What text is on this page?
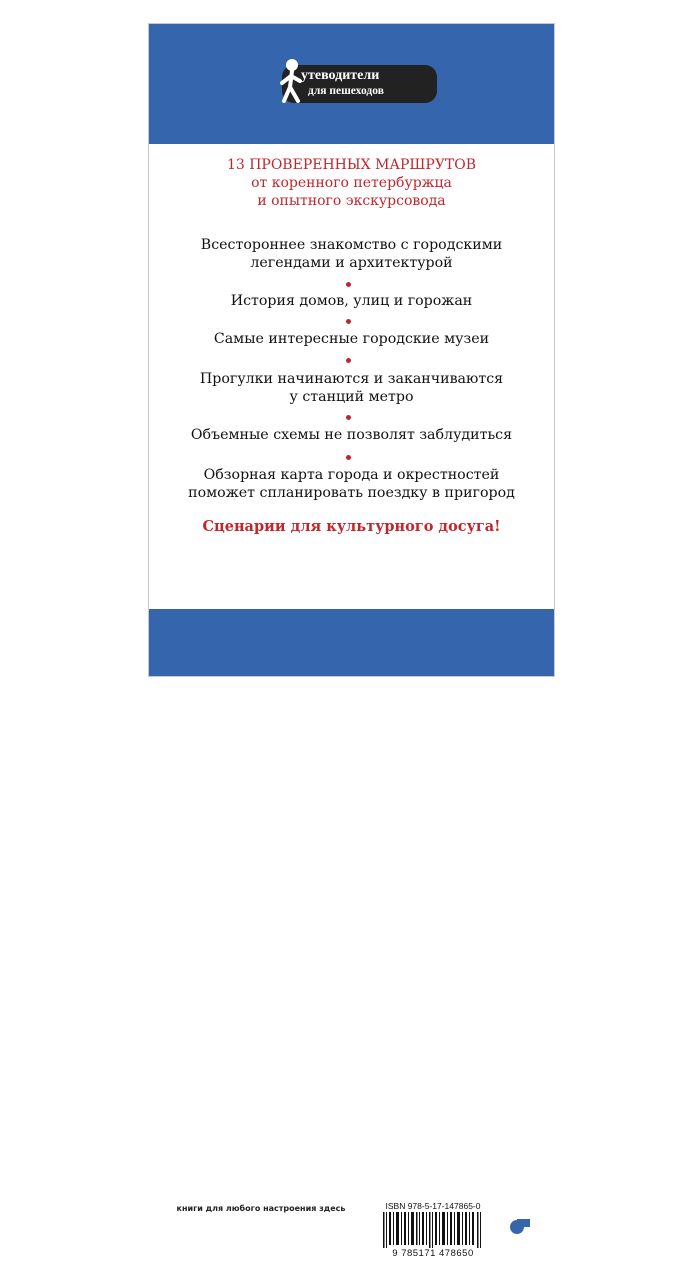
утеводители
для пешеходов
13 ПРОВЕРЕННЫХ МАРШРУТОВ
от коренного петербуржца
и опытного экскурсовода
Всестороннее знакомство с городскими
легендами и архитектурой
История домов, улиц и горожан
Самые интересные городские музеи
Прогулки начинаются и заканчиваются
у станций метро
Объемные схемы не позволят заблудиться
Обзорная карта города и окрестностей
поможет спланировать поездку в пригород
Сценарии для культурного досуга!
книги для любого настроения здесь
аст
ИЗДАТЕЛЬСКАЯ ГРУППА АСТ
www.ast.ru | www.book24.ru
vk.com/izdatelstvoast
instagram.com/izdatelstvoast
facebook.com/izdatelstvoast
ok.ru/izdatelstvoast
ISBN 978-5-17-147865-0
9 785171 478650	ОГИЗ
